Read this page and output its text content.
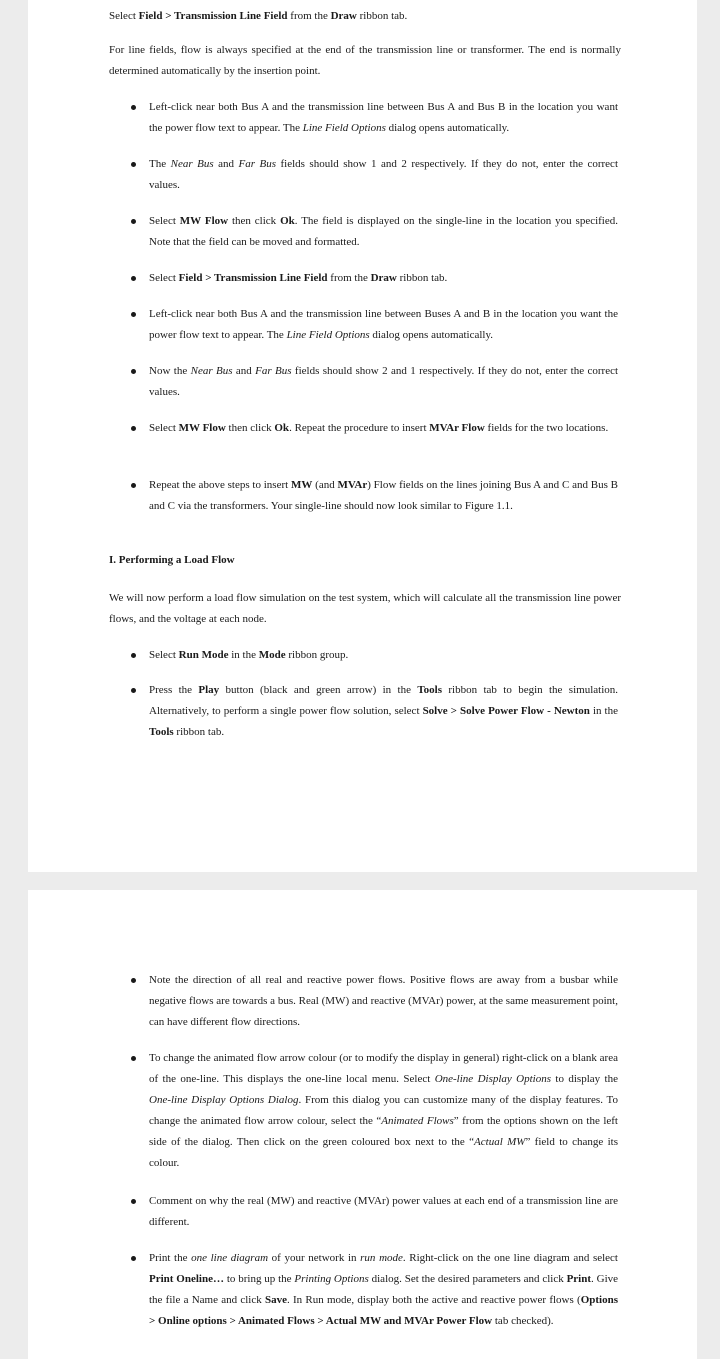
Select Field > Transmission Line Field from the Draw ribbon tab.

For line fields, flow is always specified at the end of the transmission line or transformer. The end is normally determined automatically by the insertion point.

Left-click near both Bus A and the transmission line between Bus A and Bus B in the location you want the power flow text to appear. The Line Field Options dialog opens automatically.

The Near Bus and Far Bus fields should show 1 and 2 respectively. If they do not, enter the correct values.

Select MW Flow then click Ok. The field is displayed on the single-line in the location you specified. Note that the field can be moved and formatted.

Select Field > Transmission Line Field from the Draw ribbon tab.

Left-click near both Bus A and the transmission line between Buses A and B in the location you want the power flow text to appear. The Line Field Options dialog opens automatically.

Now the Near Bus and Far Bus fields should show 2 and 1 respectively. If they do not, enter the correct values.

Select MW Flow then click Ok. Repeat the procedure to insert MVAr Flow fields for the two locations.

Repeat the above steps to insert MW (and MVAr) Flow fields on the lines joining Bus A and C and Bus B and C via the transformers. Your single-line should now look similar to Figure 1.1.

I. Performing a Load Flow

We will now perform a load flow simulation on the test system, which will calculate all the transmission line power flows, and the voltage at each node.

Select Run Mode in the Mode ribbon group.

Press the Play button (black and green arrow) in the Tools ribbon tab to begin the simulation. Alternatively, to perform a single power flow solution, select Solve > Solve Power Flow - Newton in the Tools ribbon tab.

Note the direction of all real and reactive power flows. Positive flows are away from a busbar while negative flows are towards a bus. Real (MW) and reactive (MVAr) power, at the same measurement point, can have different flow directions.

To change the animated flow arrow colour (or to modify the display in general) right-click on a blank area of the one-line. This displays the one-line local menu. Select One-line Display Options to display the One-line Display Options Dialog. From this dialog you can customize many of the display features. To change the animated flow arrow colour, select the “Animated Flows” from the options shown on the left side of the dialog. Then click on the green coloured box next to the “Actual MW” field to change its colour.

Comment on why the real (MW) and reactive (MVAr) power values at each end of a transmission line are different.

Print the one line diagram of your network in run mode. Right-click on the one line diagram and select Print Oneline… to bring up the Printing Options dialog. Set the desired parameters and click Print. Give the file a Name and click Save. In Run mode, display both the active and reactive power flows (Options > Online options > Animated Flows > Actual MW and MVAr Power Flow tab checked).
